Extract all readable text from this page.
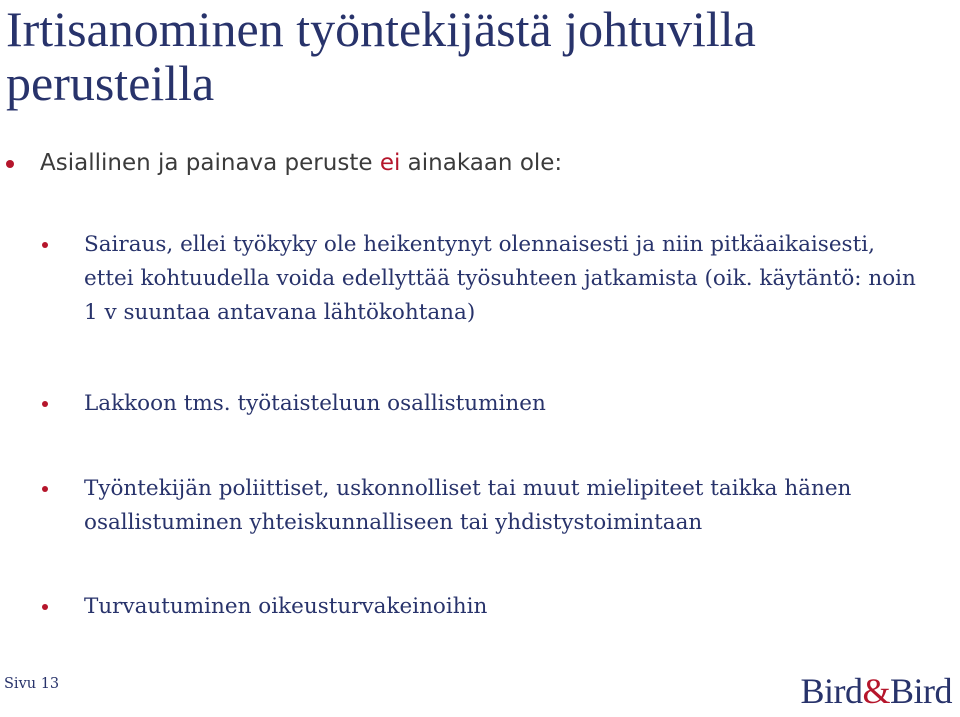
Irtisanominen työntekijästä johtuvilla perusteilla
Asiallinen ja painava peruste ei ainakaan ole:
Sairaus, ellei työkyky ole heikentynyt olennaisesti ja niin pitkäaikaisesti, ettei kohtuudella voida edellyttää työsuhteen jatkamista (oik. käytäntö: noin 1 v suuntaa antavana lähtökohtana)
Lakkoon tms. työtaisteluun osallistuminen
Työntekijän poliittiset, uskonnolliset tai muut mielipiteet taikka hänen osallistuminen yhteiskunnalliseen tai yhdistystoimintaan
Turvautuminen oikeusturvakeinoihin
Sivu 13	Bird&Bird
